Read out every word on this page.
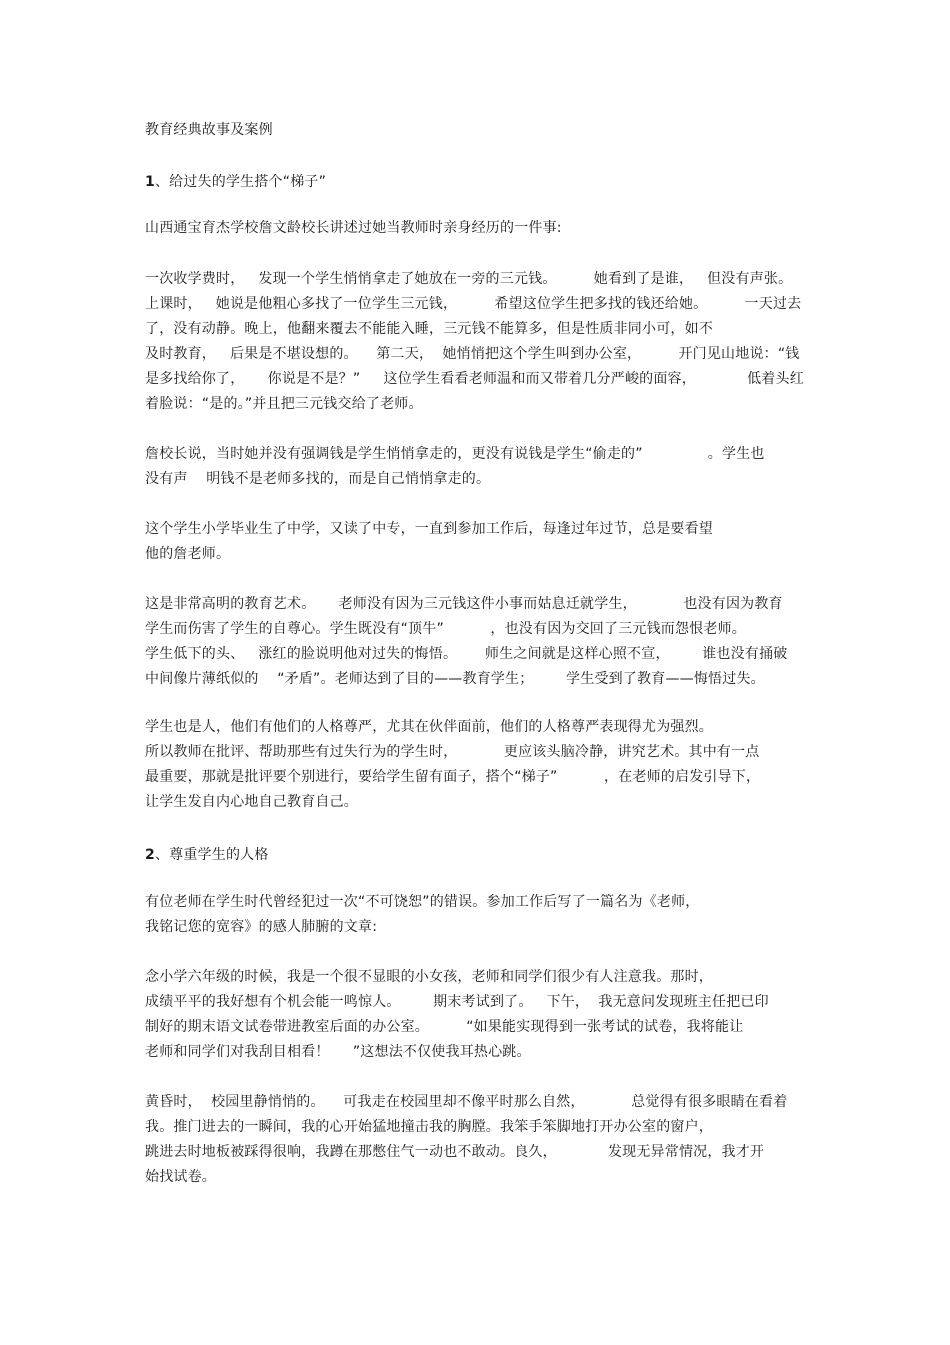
教育经典故事及案例
1、给过失的学生搭个“梯子”
山西通宝育杰学校詹文龄校长讲述过她当教师时亲身经历的一件事:
一次收学费时，   发现一个学生悄悄拿走了她放在一旁的三元钱。        她看到了是谁，   但没有声张。
上课时，   她说是他粗心多找了一位学生三元钱，        希望这位学生把多找的钱还给她。        一天过去
了，没有动静。晚上，他翻来覆去不能能入睡，三元钱不能算多，但是性质非同小可，如不
及时教育，   后果是不堪设想的。    第二天，  她悄悄把这个学生叫到办公室，        开门见山地说：“钱
是多找给你了，     你说是不是？”     这位学生看看老师温和而又带着几分严峻的面容，           低着头红
着脸说：“是的。”并且把三元钱交给了老师。
詹校长说，当时她并没有强调钱是学生悄悄拿走的，更没有说钱是学生“偷走的”              。学生也
没有声    明钱不是老师多找的，而是自己悄悄拿走的。
这个学生小学毕业生了中学，又读了中专，一直到参加工作后，每逢过年过节，总是要看望
他的詹老师。
这是非常高明的教育艺术。     老师没有因为三元钱这件小事而姑息迁就学生，          也没有因为教育
学生而伤害了学生的自尊心。学生既没有“顶牛”          ，也没有因为交回了三元钱而怨恨老师。
学生低下的头、   涨红的脸说明他对过失的悔悟。      师生之间就是这样心照不宣，       谁也没有捅破
中间像片薄纸似的    “矛盾”。老师达到了目的——教育学生；       学生受到了教育——悔悟过失。
学生也是人，他们有他们的人格尊严，尤其在伙伴面前，他们的人格尊严表现得尤为强烈。
所以教师在批评、帮助那些有过失行为的学生时，          更应该头脑冷静，讲究艺术。其中有一点
最重要，那就是批评要个别进行，要给学生留有面子，搭个“梯子”          ，在老师的启发引导下，
让学生发自内心地自己教育自己。
2、尊重学生的人格
有位老师在学生时代曾经犯过一次“不可饶恕”的错误。参加工作后写了一篇名为《老师，
我铭记您的宽容》的感人肺腑的文章:
念小学六年级的时候，我是一个很不显眼的小女孩，老师和同学们很少有人注意我。那时，
成绩平平的我好想有个机会能一鸣惊人。       期末考试到了。   下午，  我无意问发现班主任把已印
制好的期末语文试卷带进教室后面的办公室。        “如果能实现得到一张考试的试卷，我将能让
老师和同学们对我刮目相看！     ”这想法不仅使我耳热心跳。
黄昏时，  校园里静悄悄的。    可我走在校园里却不像平时那么自然，          总觉得有很多眼睛在看着
我。推门进去的一瞬间，我的心开始猛地撞击我的胸膛。我笨手笨脚地打开办公室的窗户，
跳进去时地板被踩得很响，我蹲在那憋住气一动也不敢动。良久，           发现无异常情况，我才开
始找试卷。
